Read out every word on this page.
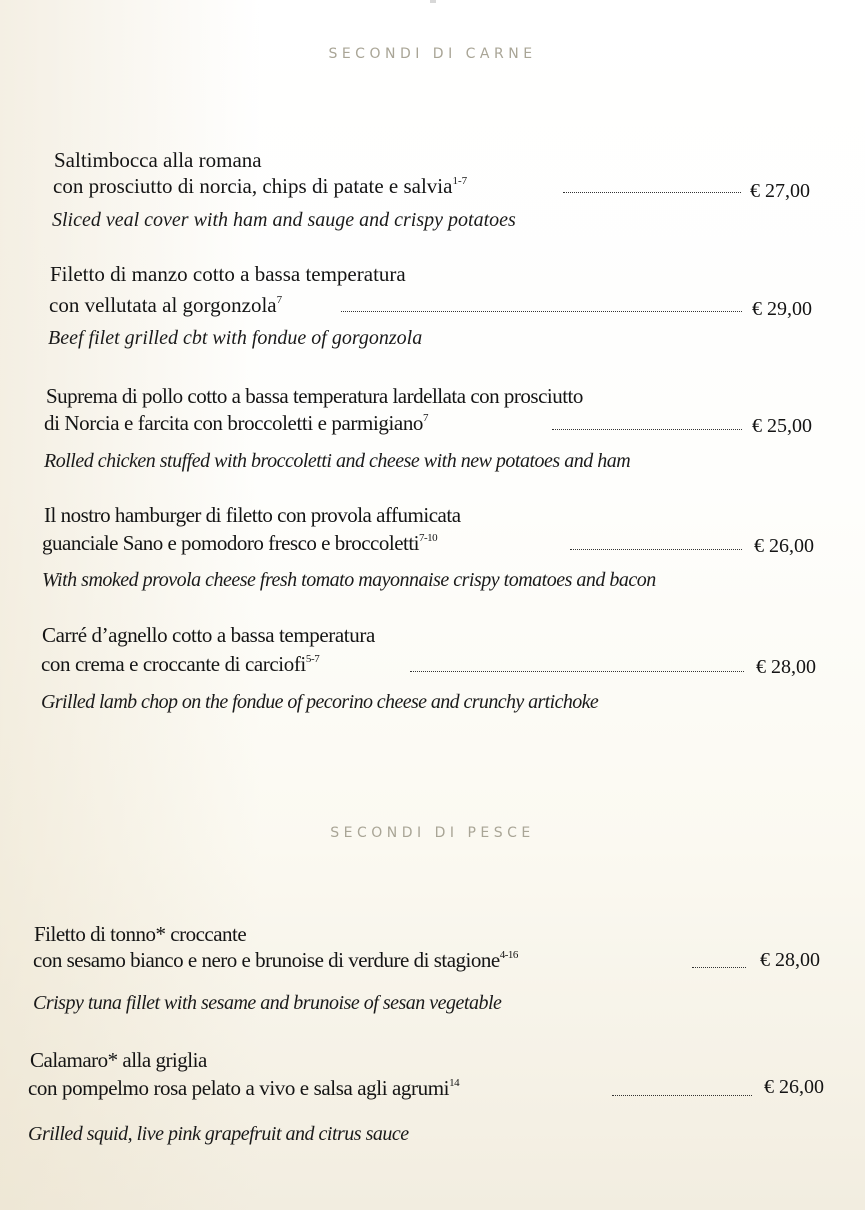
SECONDI DI CARNE
Saltimbocca alla romana
con prosciutto di norcia, chips di patate e salvia$^{1-7}$	€ 27,00
Sliced veal cover with ham and sauge and crispy potatoes
Filetto di manzo cotto a bassa temperatura
con vellutata al gorgonzola$^7$	€ 29,00
Beef filet grilled cbt with fondue of gorgonzola
Suprema di pollo cotto a bassa temperatura lardellata con prosciutto
di Norcia e farcita con broccoletti e parmigiano$^7$	€ 25,00
Rolled chicken stuffed with broccoletti and cheese with new potatoes and ham
Il nostro hamburger di filetto con provola affumicata
guanciale Sano e pomodoro fresco e broccoletti$^{7-10}$	€ 26,00
With smoked provola cheese fresh tomato mayonnaise crispy tomatoes and bacon
Carré d’agnello cotto a bassa temperatura
con crema e croccante di carciofi$^{5-7}$	€ 28,00
Grilled lamb chop on the fondue of pecorino cheese and crunchy artichoke
SECONDI DI PESCE
Filetto di tonno* croccante
con sesamo bianco e nero e brunoise di verdure di stagione$^{4-16}$	€ 28,00
Crispy tuna fillet with sesame and brunoise of sesan vegetable
Calamaro* alla griglia
con pompelmo rosa pelato a vivo e salsa agli agrumi$^{14}$	€ 26,00
Grilled squid, live pink grapefruit and citrus sauce
